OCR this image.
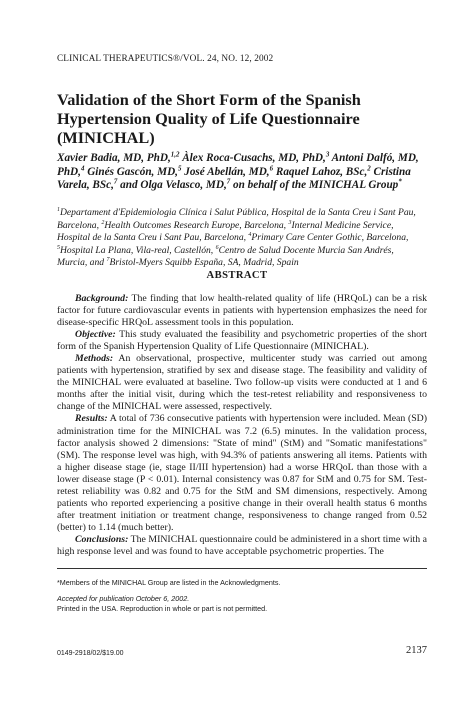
CLINICAL THERAPEUTICS®/VOL. 24, NO. 12, 2002
Validation of the Short Form of the Spanish Hypertension Quality of Life Questionnaire (MINICHAL)
Xavier Badia, MD, PhD,$^{1,2}$ Àlex Roca-Cusachs, MD, PhD,$^3$ Antoni Dalfó, MD, PhD,$^4$ Ginés Gascón, MD,$^5$ José Abellán, MD,$^6$ Raquel Lahoz, BSc,$^2$ Cristina Varela, BSc,$^7$ and Olga Velasco, MD,$^7$ on behalf of the MINICHAL Group*
$^1$Departament d'Epidemiologia Clínica i Salut Pública, Hospital de la Santa Creu i Sant Pau, Barcelona, $^2$Health Outcomes Research Europe, Barcelona, $^3$Internal Medicine Service, Hospital de la Santa Creu i Sant Pau, Barcelona, $^4$Primary Care Center Gothic, Barcelona, $^5$Hospital La Plana, Vila-real, Castellón, $^6$Centro de Salud Docente Murcia San Andrés, Murcia, and $^7$Bristol-Myers Squibb España, SA, Madrid, Spain
ABSTRACT

Background: The finding that low health-related quality of life (HRQoL) can be a risk factor for future cardiovascular events in patients with hypertension emphasizes the need for disease-specific HRQoL assessment tools in this population.

Objective: This study evaluated the feasibility and psychometric properties of the short form of the Spanish Hypertension Quality of Life Questionnaire (MINICHAL).

Methods: An observational, prospective, multicenter study was carried out among patients with hypertension, stratified by sex and disease stage. The feasibility and validity of the MINICHAL were evaluated at baseline. Two follow-up visits were conducted at 1 and 6 months after the initial visit, during which the test-retest reliability and responsiveness to change of the MINICHAL were assessed, respectively.

Results: A total of 736 consecutive patients with hypertension were included. Mean (SD) administration time for the MINICHAL was 7.2 (6.5) minutes. In the validation process, factor analysis showed 2 dimensions: "State of mind" (StM) and "Somatic manifestations" (SM). The response level was high, with 94.3% of patients answering all items. Patients with a higher disease stage (ie, stage II/III hypertension) had a worse HRQoL than those with a lower disease stage (P < 0.01). Internal consistency was 0.87 for StM and 0.75 for SM. Test-retest reliability was 0.82 and 0.75 for the StM and SM dimensions, respectively. Among patients who reported experiencing a positive change in their overall health status 6 months after treatment initiation or treatment change, responsiveness to change ranged from 0.52 (better) to 1.14 (much better).

Conclusions: The MINICHAL questionnaire could be administered in a short time with a high response level and was found to have acceptable psychometric properties. The

*Members of the MINICHAL Group are listed in the Acknowledgments.
Accepted for publication October 6, 2002.
Printed in the USA. Reproduction in whole or part is not permitted.
0149-2918/02/$19.00	2137
